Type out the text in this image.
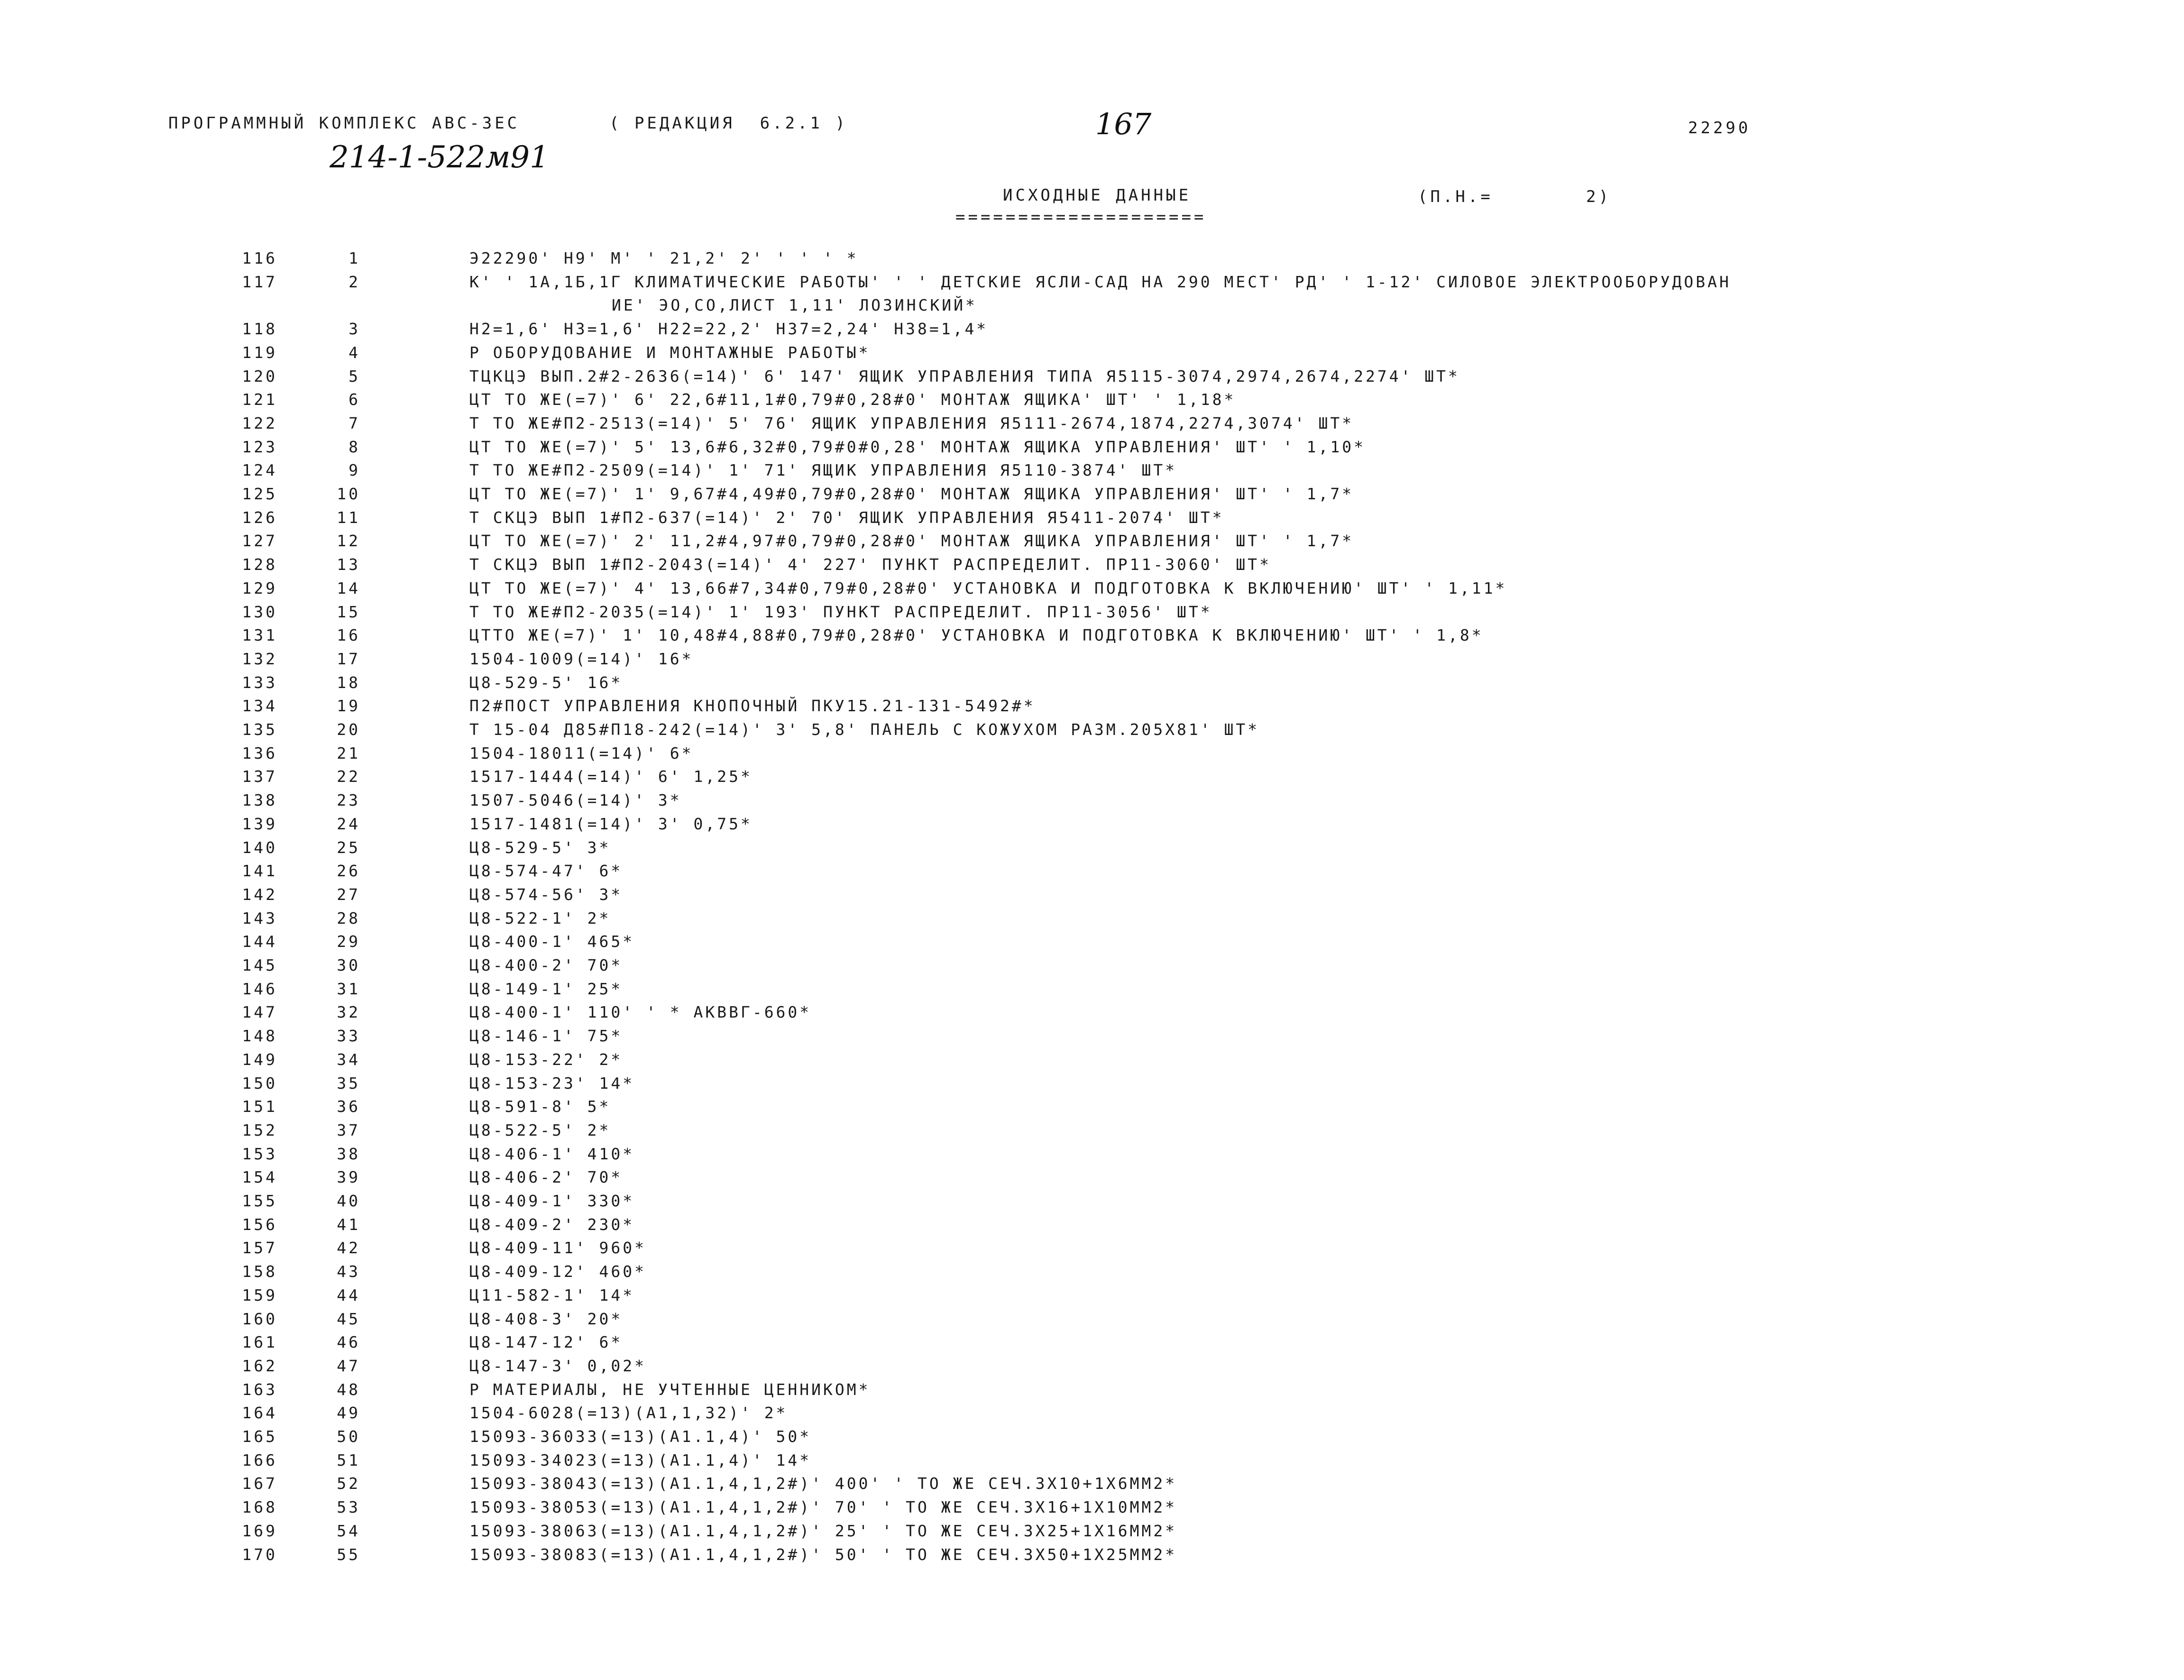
ПРОГРАММНЫЙ КОМПЛЕКС АВС-ЗЕС	( РЕДАКЦИЯ  6.2.1 )	167	22290
214-1-522м91
ИСХОДНЫЕ ДАННЫЕ
====================
(П.Н.=	2)
116	1	Э22290' Н9' М' ' 21,2' 2' ' ' ' *
117	2	К' ' 1А,1Б,1Г КЛИМАТИЧЕСКИЕ РАБОТЫ' ' ' ДЕТСКИЕ ЯСЛИ-САД НА 290 МЕСТ' РД' ' 1-12' СИЛОВОЕ ЭЛЕКТРООБОРУДОВАН
ИЕ' ЭО,СО,ЛИСТ 1,11' ЛОЗИНСКИЙ*
118	3	Н2=1,6' Н3=1,6' Н22=22,2' Н37=2,24' Н38=1,4*
119	4	Р ОБОРУДОВАНИЕ И МОНТАЖНЫЕ РАБОТЫ*
120	5	ТЦКЦЭ ВЫП.2#2-2636(=14)' 6' 147' ЯЩИК УПРАВЛЕНИЯ ТИПА Я5115-3074,2974,2674,2274' ШТ*
121	6	ЦТ ТО ЖЕ(=7)' 6' 22,6#11,1#0,79#0,28#0' МОНТАЖ ЯЩИКА' ШТ' ' 1,18*
122	7	Т ТО ЖЕ#П2-2513(=14)' 5' 76' ЯЩИК УПРАВЛЕНИЯ Я5111-2674,1874,2274,3074' ШТ*
123	8	ЦТ ТО ЖЕ(=7)' 5' 13,6#6,32#0,79#0#0,28' МОНТАЖ ЯЩИКА УПРАВЛЕНИЯ' ШТ' ' 1,10*
124	9	Т ТО ЖЕ#П2-2509(=14)' 1' 71' ЯЩИК УПРАВЛЕНИЯ Я5110-3874' ШТ*
125	10	ЦТ ТО ЖЕ(=7)' 1' 9,67#4,49#0,79#0,28#0' МОНТАЖ ЯЩИКА УПРАВЛЕНИЯ' ШТ' ' 1,7*
126	11	Т СКЦЭ ВЫП 1#П2-637(=14)' 2' 70' ЯЩИК УПРАВЛЕНИЯ Я5411-2074' ШТ*
127	12	ЦТ ТО ЖЕ(=7)' 2' 11,2#4,97#0,79#0,28#0' МОНТАЖ ЯЩИКА УПРАВЛЕНИЯ' ШТ' ' 1,7*
128	13	Т СКЦЭ ВЫП 1#П2-2043(=14)' 4' 227' ПУНКТ РАСПРЕДЕЛИТ. ПР11-3060' ШТ*
129	14	ЦТ ТО ЖЕ(=7)' 4' 13,66#7,34#0,79#0,28#0' УСТАНОВКА И ПОДГОТОВКА К ВКЛЮЧЕНИЮ' ШТ' ' 1,11*
130	15	Т ТО ЖЕ#П2-2035(=14)' 1' 193' ПУНКТ РАСПРЕДЕЛИТ. ПР11-3056' ШТ*
131	16	ЦТТО ЖЕ(=7)' 1' 10,48#4,88#0,79#0,28#0' УСТАНОВКА И ПОДГОТОВКА К ВКЛЮЧЕНИЮ' ШТ' ' 1,8*
132	17	1504-1009(=14)' 16*
133	18	Ц8-529-5' 16*
134	19	П2#ПОСТ УПРАВЛЕНИЯ КНОПОЧНЫЙ ПКУ15.21-131-5492#*
135	20	Т 15-04 Д85#П18-242(=14)' 3' 5,8' ПАНЕЛЬ С КОЖУХОМ РАЗМ.205Х81' ШТ*
136	21	1504-18011(=14)' 6*
137	22	1517-1444(=14)' 6' 1,25*
138	23	1507-5046(=14)' 3*
139	24	1517-1481(=14)' 3' 0,75*
140	25	Ц8-529-5' 3*
141	26	Ц8-574-47' 6*
142	27	Ц8-574-56' 3*
143	28	Ц8-522-1' 2*
144	29	Ц8-400-1' 465*
145	30	Ц8-400-2' 70*
146	31	Ц8-149-1' 25*
147	32	Ц8-400-1' 110' ' * АКВВГ-660*
148	33	Ц8-146-1' 75*
149	34	Ц8-153-22' 2*
150	35	Ц8-153-23' 14*
151	36	Ц8-591-8' 5*
152	37	Ц8-522-5' 2*
153	38	Ц8-406-1' 410*
154	39	Ц8-406-2' 70*
155	40	Ц8-409-1' 330*
156	41	Ц8-409-2' 230*
157	42	Ц8-409-11' 960*
158	43	Ц8-409-12' 460*
159	44	Ц11-582-1' 14*
160	45	Ц8-408-3' 20*
161	46	Ц8-147-12' 6*
162	47	Ц8-147-3' 0,02*
163	48	Р МАТЕРИАЛЫ, НЕ УЧТЕННЫЕ ЦЕННИКОМ*
164	49	1504-6028(=13)(А1,1,32)' 2*
165	50	15093-36033(=13)(А1.1,4)' 50*
166	51	15093-34023(=13)(А1.1,4)' 14*
167	52	15093-38043(=13)(А1.1,4,1,2#)' 400' ' ТО ЖЕ СЕЧ.3Х10+1Х6ММ2*
168	53	15093-38053(=13)(А1.1,4,1,2#)' 70' ' ТО ЖЕ СЕЧ.3Х16+1Х10ММ2*
169	54	15093-38063(=13)(А1.1,4,1,2#)' 25' ' ТО ЖЕ СЕЧ.3Х25+1Х16ММ2*
170	55	15093-38083(=13)(А1.1,4,1,2#)' 50' ' ТО ЖЕ СЕЧ.3Х50+1Х25ММ2*
